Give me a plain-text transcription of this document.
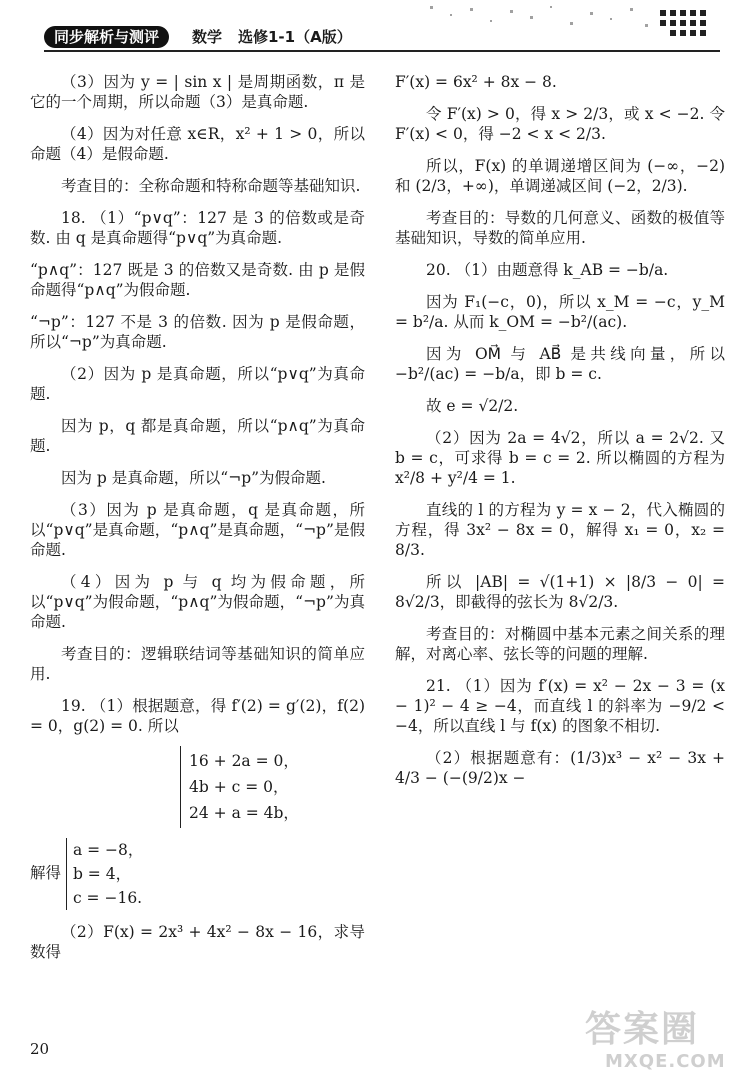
同步解析与测评	数学 选修1-1（A版）

（3）因为 y = | sin x | 是周期函数，π 是它的一个周期，所以命题（3）是真命题.

（4）因为对任意 x∈R，x² + 1 > 0，所以命题（4）是假命题.

考查目的：全称命题和特称命题等基础知识.

18. （1）“p∨q”：127 是 3 的倍数或是奇数. 由 q 是真命题得“p∨q”为真命题.

“p∧q”：127 既是 3 的倍数又是奇数. 由 p 是假命题得“p∧q”为假命题.

“¬p”：127 不是 3 的倍数. 因为 p 是假命题，所以“¬p”为真命题.

（2）因为 p 是真命题，所以“p∨q”为真命题.

因为 p，q 都是真命题，所以“p∧q”为真命题.

因为 p 是真命题，所以“¬p”为假命题.

（3）因为 p 是真命题，q 是真命题，所以“p∨q”是真命题，“p∧q”是真命题，“¬p”是假命题.

（4）因为 p 与 q 均为假命题，所以“p∨q”为假命题，“p∧q”为假命题，“¬p”为真命题.

考查目的：逻辑联结词等基础知识的简单应用.

19. （1）根据题意，得 f′(2) = g′(2)，f(2) = 0，g(2) = 0. 所以

16 + 2a = 0，
4b + c = 0，
24 + a = 4b，
解得
a = −8，
b = 4，
c = −16.

（2）F(x) = 2x³ + 4x² − 8x − 16，求导数得

F′(x) = 6x² + 8x − 8.

令 F′(x) > 0，得 x > 2/3，或 x < −2. 令 F′(x) < 0，得 −2 < x < 2/3.

所以，F(x) 的单调递增区间为 (−∞，−2) 和 (2/3，+∞)，单调递减区间 (−2，2/3).

考查目的：导数的几何意义、函数的极值等基础知识，导数的简单应用.

20. （1）由题意得 k_AB = −b/a.

因为 F₁(−c，0)，所以 x_M = −c，y_M = b²/a. 从而 k_OM = −b²/(ac).

因为 OM⃗ 与 AB⃗ 是共线向量，所以 −b²/(ac) = −b/a，即 b = c.

故 e = √2/2.

（2）因为 2a = 4√2，所以 a = 2√2. 又 b = c，可求得 b = c = 2. 所以椭圆的方程为 x²/8 + y²/4 = 1.

直线的 l 的方程为 y = x − 2，代入椭圆的方程，得 3x² − 8x = 0，解得 x₁ = 0，x₂ = 8/3.

所以 |AB| = √(1+1) × |8/3 − 0| = 8√2/3，即截得的弦长为 8√2/3.

考查目的：对椭圆中基本元素之间关系的理解，对离心率、弦长等的问题的理解.

21. （1）因为 f′(x) = x² − 2x − 3 = (x − 1)² − 4 ≥ −4，而直线 l 的斜率为 −9/2 < −4，所以直线 l 与 f(x) 的图象不相切.

（2）根据题意有：(1/3)x³ − x² − 3x + 4/3 − (−(9/2)x −

20	答案圈
MXQE.COM
